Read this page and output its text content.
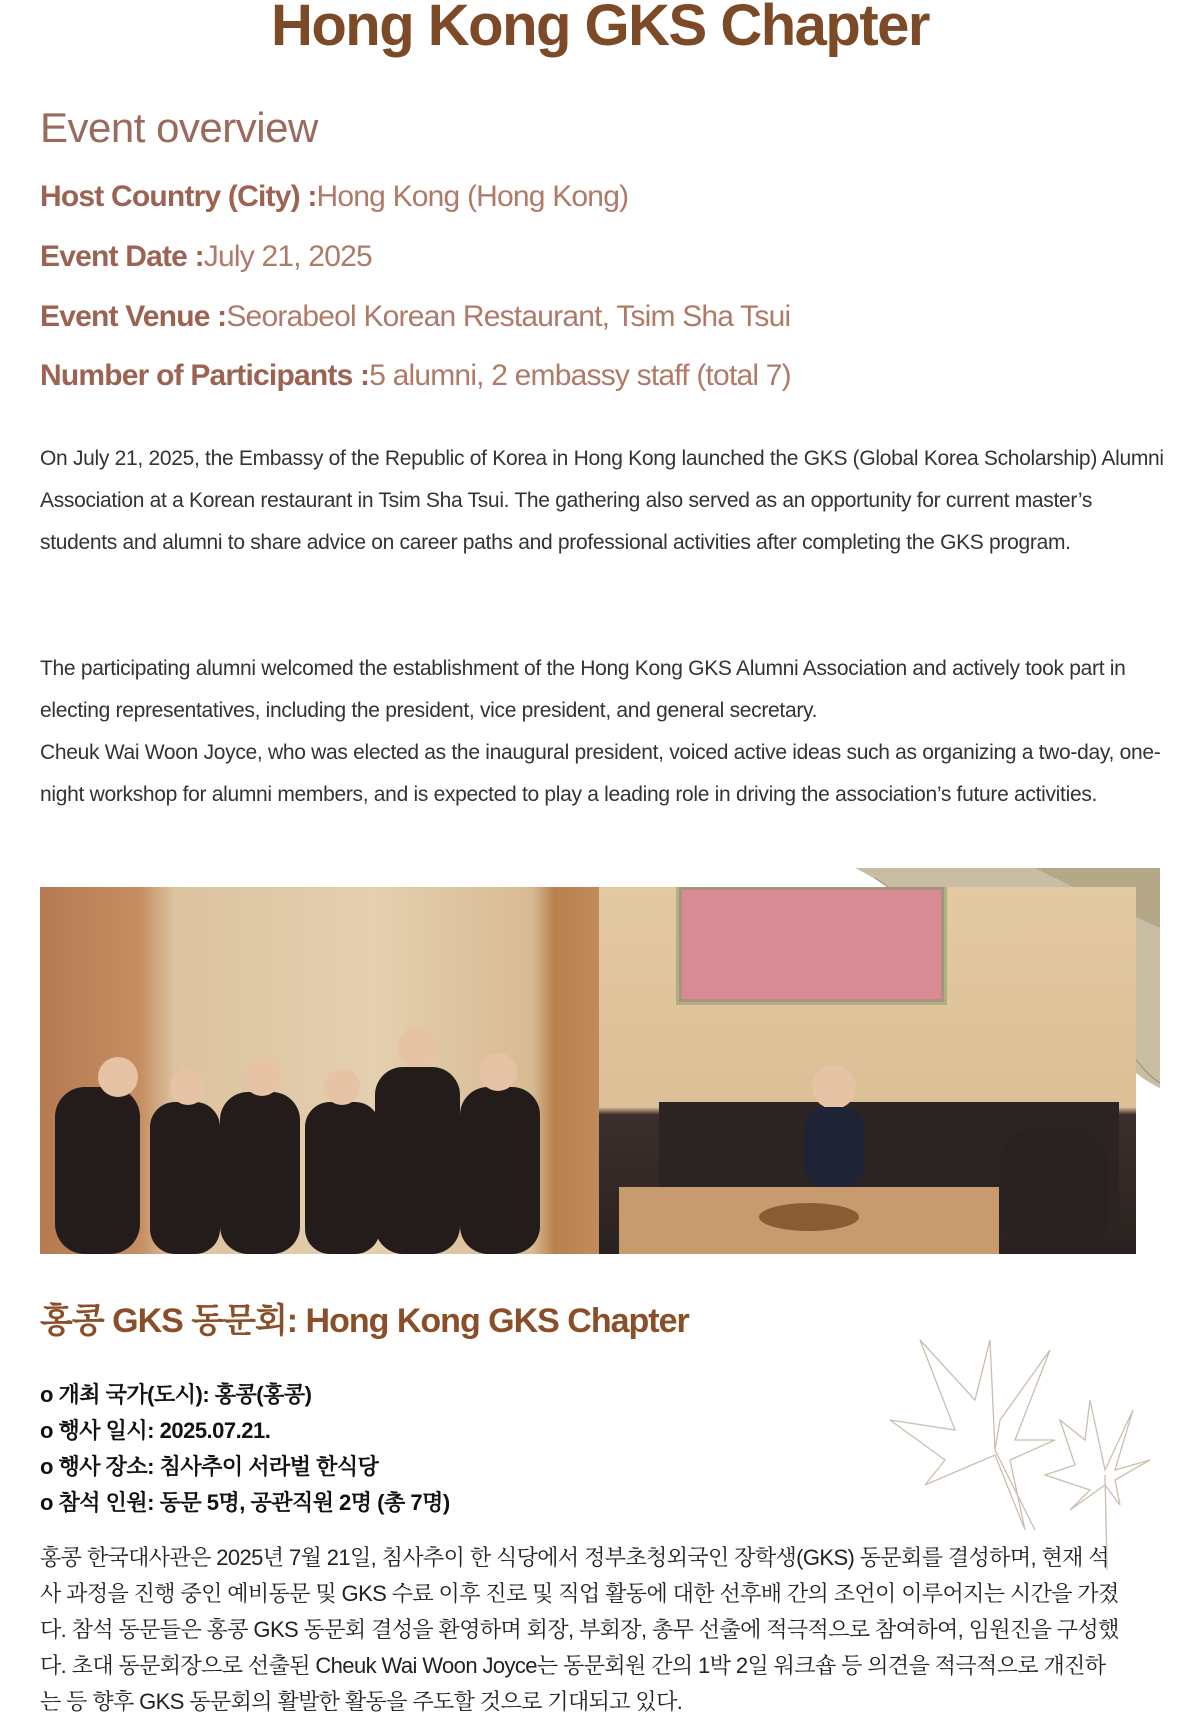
Hong Kong GKS Chapter
Event overview
Host Country (City) :Hong Kong (Hong Kong)
Event Date :July 21, 2025
Event Venue :Seorabeol Korean Restaurant, Tsim Sha Tsui
Number of Participants :5 alumni, 2 embassy staff (total 7)
On July 21, 2025, the Embassy of the Republic of Korea in Hong Kong launched the GKS (Global Korea Scholarship) Alumni Association at a Korean restaurant in Tsim Sha Tsui. The gathering also served as an opportunity for current master’s students and alumni to share advice on career paths and professional activities after completing the GKS program.
The participating alumni welcomed the establishment of the Hong Kong GKS Alumni Association and actively took part in electing representatives, including the president, vice president, and general secretary.
Cheuk Wai Woon Joyce, who was elected as the inaugural president, voiced active ideas such as organizing a two-day, one-night workshop for alumni members, and is expected to play a leading role in driving the association’s future activities.
홍콩 GKS 동문회: Hong Kong GKS Chapter
o 개최 국가(도시): 홍콩(홍콩)
o 행사 일시: 2025.07.21.
o 행사 장소: 침사추이 서라벌 한식당
o 참석 인원: 동문 5명, 공관직원 2명 (총 7명)
홍콩 한국대사관은 2025년 7월 21일, 침사추이 한 식당에서 정부초청외국인 장학생(GKS) 동문회를 결성하며, 현재 석사 과정을 진행 중인 예비동문 및 GKS 수료 이후 진로 및 직업 활동에 대한 선후배 간의 조언이 이루어지는 시간을 가졌다. 참석 동문들은 홍콩 GKS 동문회 결성을 환영하며 회장, 부회장, 총무 선출에 적극적으로 참여하여, 임원진을 구성했다. 초대 동문회장으로 선출된 Cheuk Wai Woon Joyce는 동문회원 간의 1박 2일 워크숍 등 의견을 적극적으로 개진하는 등 향후 GKS 동문회의 활발한 활동을 주도할 것으로 기대되고 있다.
